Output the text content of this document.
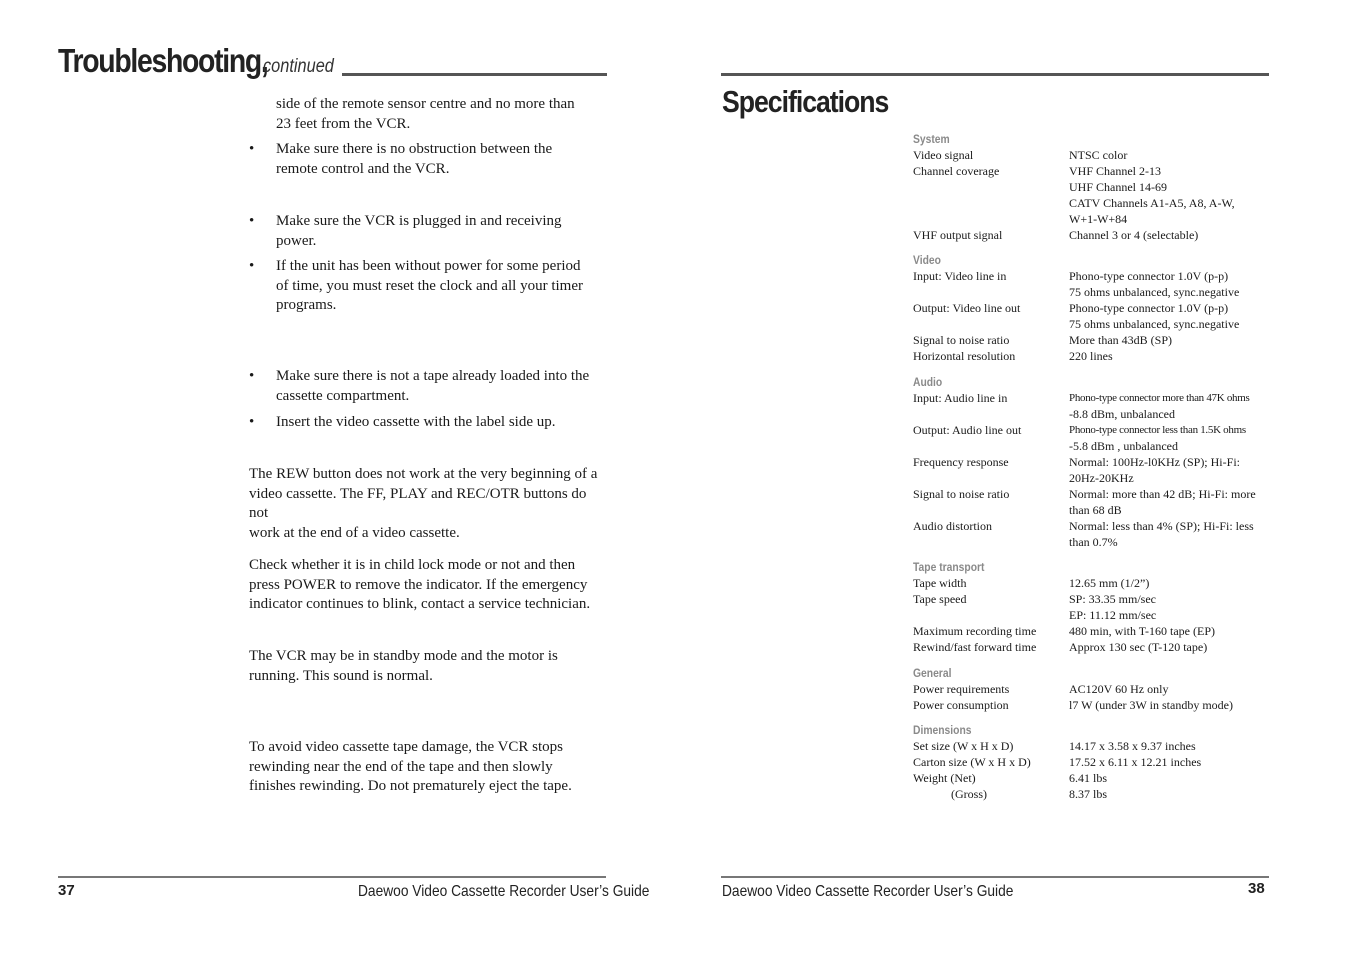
Troubleshooting,
continued
side of the remote sensor centre and no more than
23 feet from the VCR.
• Make sure there is no obstruction between the
remote control and the VCR.
• Make sure the VCR is plugged in and receiving
power.
• If the unit has been without power for some period
of time, you must reset the clock and all your timer
programs.
• Make sure there is not a tape already loaded into the
cassette compartment.
• Insert the video cassette with the label side up.
The REW button does not work at the very beginning of a
video cassette. The FF, PLAY and REC/OTR buttons do not
work at the end of a video cassette.
Check whether it is in child lock mode or not and then
press POWER to remove the indicator. If the emergency
indicator continues to blink, contact a service technician.
The VCR may be in standby mode and the motor is
running. This sound is normal.
To avoid video cassette tape damage, the VCR stops
rewinding near the end of the tape and then slowly
finishes rewinding. Do not prematurely eject the tape.
37	Daewoo Video Cassette Recorder User’s Guide
Specifications
System
Video signal	NTSC color
Channel coverage	VHF Channel 2-13
UHF Channel 14-69
CATV Channels A1-A5, A8, A-W,
W+1-W+84
VHF output signal	Channel 3 or 4 (selectable)
Video
Input: Video line in	Phono-type connector 1.0V (p-p)
75 ohms unbalanced, sync.negative
Output: Video line out	Phono-type connector 1.0V (p-p)
75 ohms unbalanced, sync.negative
Signal to noise ratio	More than 43dB (SP)
Horizontal resolution	220 lines
Audio
Input: Audio line in	Phono-type connector more than 47K ohms
-8.8 dBm, unbalanced
Output: Audio line out	Phono-type connector less than 1.5K ohms
-5.8 dBm , unbalanced
Frequency response	Normal: 100Hz-l0KHz (SP); Hi-Fi:
20Hz-20KHz
Signal to noise ratio	Normal: more than 42 dB; Hi-Fi: more
than 68 dB
Audio distortion	Normal: less than 4% (SP); Hi-Fi: less
than 0.7%
Tape transport
Tape width	12.65 mm (1/2”)
Tape speed	SP: 33.35 mm/sec
EP: 11.12 mm/sec
Maximum recording time	480 min, with T-160 tape (EP)
Rewind/fast forward time	Approx 130 sec (T-120 tape)
General
Power requirements	AC120V 60 Hz only
Power consumption	l7 W (under 3W in standby mode)
Dimensions
Set size (W x H x D)	14.17 x 3.58 x 9.37 inches
Carton size (W x H x D)	17.52 x 6.11 x 12.21 inches
Weight (Net)	6.41 lbs
(Gross)	8.37 lbs
Daewoo Video Cassette Recorder User’s Guide	38
